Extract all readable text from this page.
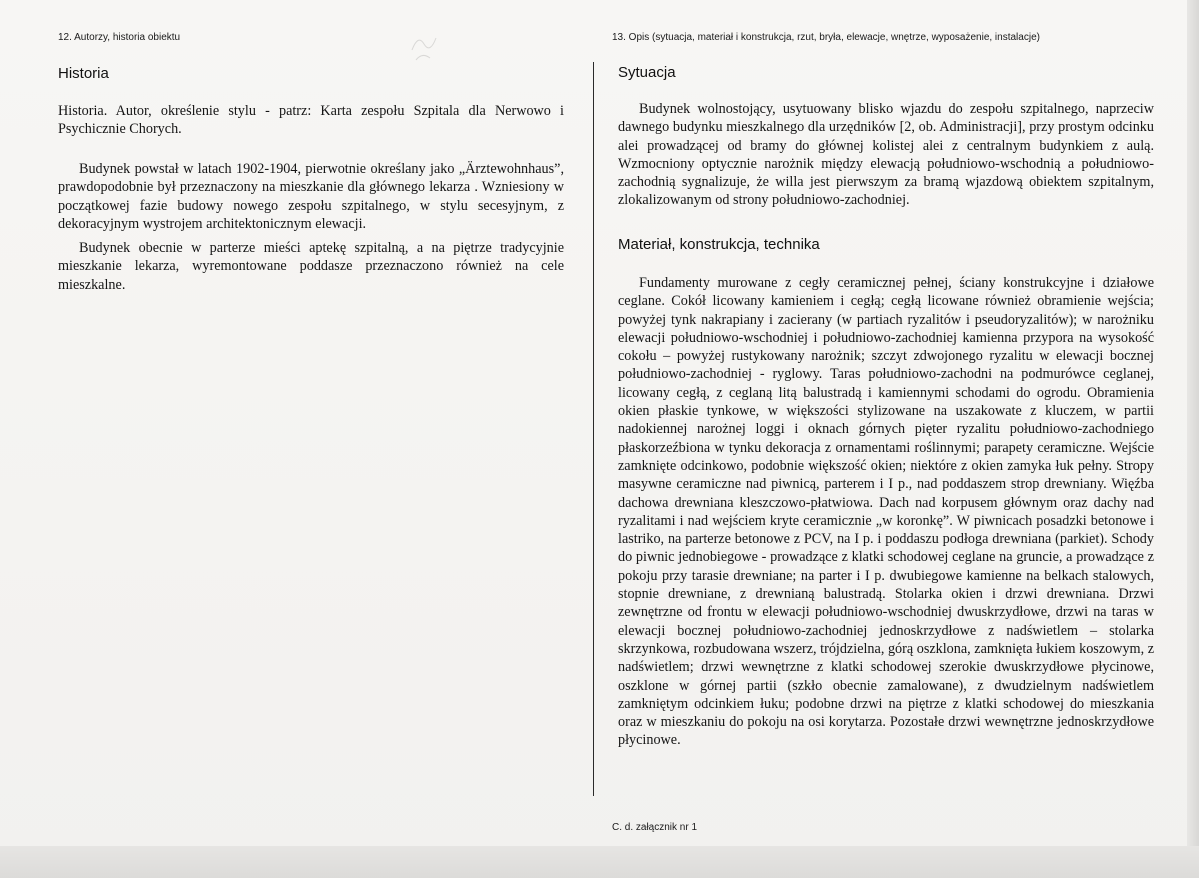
12. Autorzy, historia obiektu
Historia

Historia. Autor, określenie stylu - patrz: Karta zespołu Szpitala dla Nerwowo i Psychicznie Chorych.

Budynek powstał w latach 1902-1904, pierwotnie określany jako „Ärztewohnhaus”, prawdopodobnie był przeznaczony na mieszkanie dla głównego lekarza . Wzniesiony w początkowej fazie budowy nowego zespołu szpitalnego, w stylu secesyjnym, z dekoracyjnym wystrojem architektonicznym elewacji.

Budynek obecnie w parterze mieści aptekę szpitalną, a na piętrze tradycyjnie mieszkanie lekarza, wyremontowane poddasze przeznaczono również na cele mieszkalne.

13. Opis (sytuacja, materiał i konstrukcja, rzut, bryła, elewacje, wnętrze, wyposażenie, instalacje)
Sytuacja

Budynek wolnostojący, usytuowany blisko wjazdu do zespołu szpitalnego, naprzeciw dawnego budynku mieszkalnego dla urzędników [2, ob. Administracji], przy prostym odcinku alei prowadzącej od bramy do głównej kolistej alei z centralnym budynkiem z aulą. Wzmocniony optycznie narożnik między elewacją południowo-wschodnią a południowo-zachodnią sygnalizuje, że willa jest pierwszym za bramą wjazdową obiektem szpitalnym, zlokalizowanym od strony południowo-zachodniej.

Materiał, konstrukcja, technika

Fundamenty murowane z cegły ceramicznej pełnej, ściany konstrukcyjne i działowe ceglane. Cokół licowany kamieniem i cegłą; cegłą licowane również obramienie wejścia; powyżej tynk nakrapiany i zacierany (w partiach ryzalitów i pseudoryzalitów); w narożniku elewacji południowo-wschodniej i południowo-zachodniej kamienna przypora na wysokość cokołu – powyżej rustykowany narożnik; szczyt zdwojonego ryzalitu w elewacji bocznej południowo-zachodniej - ryglowy. Taras południowo-zachodni na podmurówce ceglanej, licowany cegłą, z ceglaną litą balustradą i kamiennymi schodami do ogrodu. Obramienia okien płaskie tynkowe, w większości stylizowane na uszakowate z kluczem, w partii nadokiennej narożnej loggi i oknach górnych pięter ryzalitu południowo-zachodniego płaskorzeźbiona w tynku dekoracja z ornamentami roślinnymi; parapety ceramiczne. Wejście zamknięte odcinkowo, podobnie większość okien; niektóre z okien zamyka łuk pełny. Stropy masywne ceramiczne nad piwnicą, parterem i I p., nad poddaszem strop drewniany. Więźba dachowa drewniana kleszczowo-płatwiowa. Dach nad korpusem głównym oraz dachy nad ryzalitami i nad wejściem kryte ceramicznie „w koronkę”. W piwnicach posadzki betonowe i lastriko, na parterze betonowe z PCV, na I p. i poddaszu podłoga drewniana (parkiet). Schody do piwnic jednobiegowe - prowadzące z klatki schodowej ceglane na gruncie, a prowadzące z pokoju przy tarasie drewniane; na parter i I p. dwubiegowe kamienne na belkach stalowych, stopnie drewniane, z drewnianą balustradą. Stolarka okien i drzwi drewniana. Drzwi zewnętrzne od frontu w elewacji południowo-wschodniej dwuskrzydłowe, drzwi na taras w elewacji bocznej południowo-zachodniej jednoskrzydłowe z nadświetlem – stolarka skrzynkowa, rozbudowana wszerz, trójdzielna, górą oszklona, zamknięta łukiem koszowym, z nadświetlem; drzwi wewnętrzne z klatki schodowej szerokie dwuskrzydłowe płycinowe, oszklone w górnej partii (szkło obecnie zamalowane), z dwudzielnym nadświetlem zamkniętym odcinkiem łuku; podobne drzwi na piętrze z klatki schodowej do mieszkania oraz w mieszkaniu do pokoju na osi korytarza. Pozostałe drzwi wewnętrzne jednoskrzydłowe płycinowe.

C. d. załącznik nr 1
